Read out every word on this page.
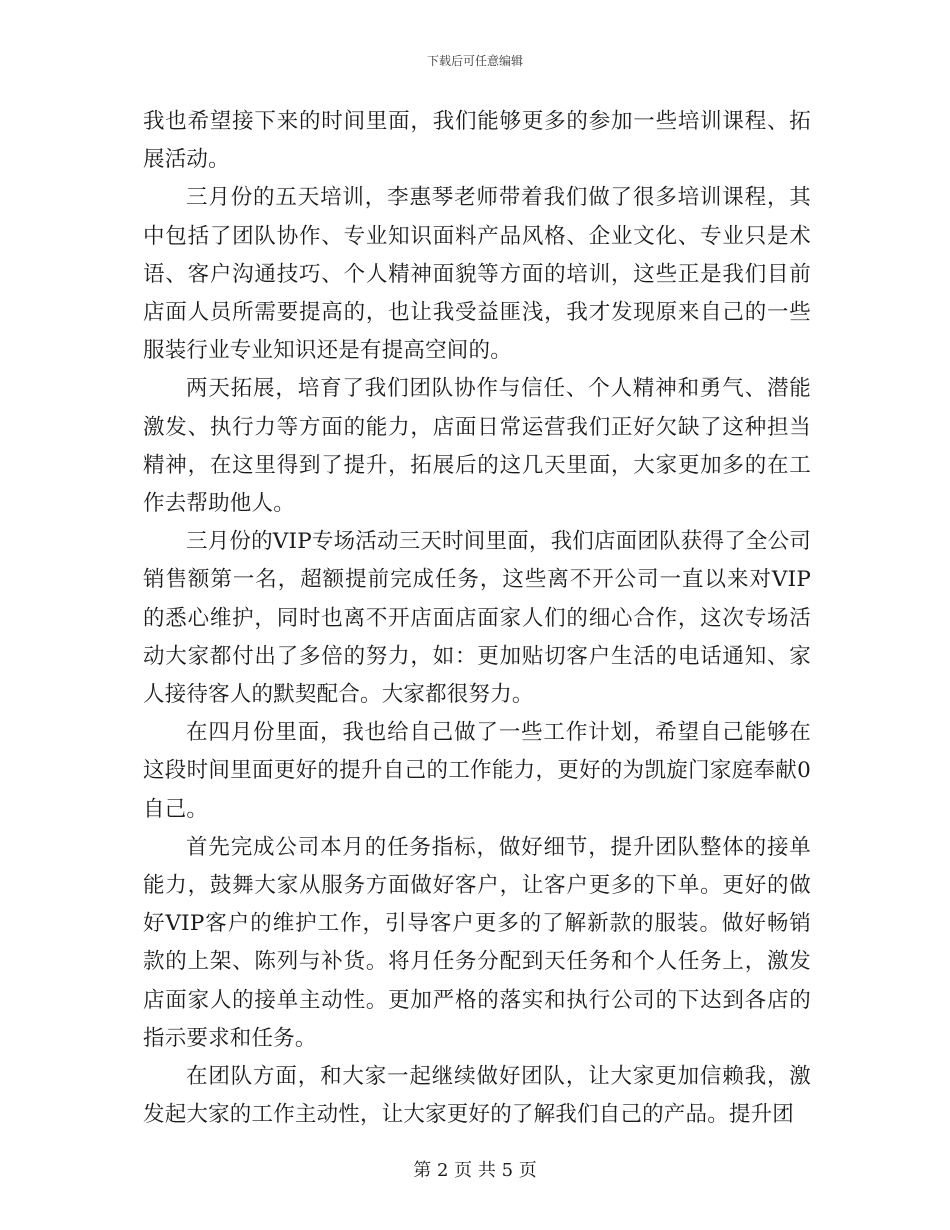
下载后可任意编辑

我也希望接下来的时间里面，我们能够更多的参加一些培训课程、拓展活动。

三月份的五天培训，李惠琴老师带着我们做了很多培训课程，其中包括了团队协作、专业知识面料产品风格、企业文化、专业只是术语、客户沟通技巧、个人精神面貌等方面的培训，这些正是我们目前店面人员所需要提高的，也让我受益匪浅，我才发现原来自己的一些服装行业专业知识还是有提高空间的。

两天拓展，培育了我们团队协作与信任、个人精神和勇气、潜能激发、执行力等方面的能力，店面日常运营我们正好欠缺了这种担当精神，在这里得到了提升，拓展后的这几天里面，大家更加多的在工作去帮助他人。

三月份的VIP专场活动三天时间里面，我们店面团队获得了全公司销售额第一名，超额提前完成任务，这些离不开公司一直以来对VIP的悉心维护，同时也离不开店面店面家人们的细心合作，这次专场活动大家都付出了多倍的努力，如：更加贴切客户生活的电话通知、家人接待客人的默契配合。大家都很努力。

在四月份里面，我也给自己做了一些工作计划，希望自己能够在这段时间里面更好的提升自己的工作能力，更好的为凯旋门家庭奉献0自己。

首先完成公司本月的任务指标，做好细节，提升团队整体的接单能力，鼓舞大家从服务方面做好客户，让客户更多的下单。更好的做好VIP客户的维护工作，引导客户更多的了解新款的服装。做好畅销款的上架、陈列与补货。将月任务分配到天任务和个人任务上，激发店面家人的接单主动性。更加严格的落实和执行公司的下达到各店的指示要求和任务。

在团队方面，和大家一起继续做好团队，让大家更加信赖我，激发起大家的工作主动性，让大家更好的了解我们自己的产品。提升团

第 2 页 共 5 页
